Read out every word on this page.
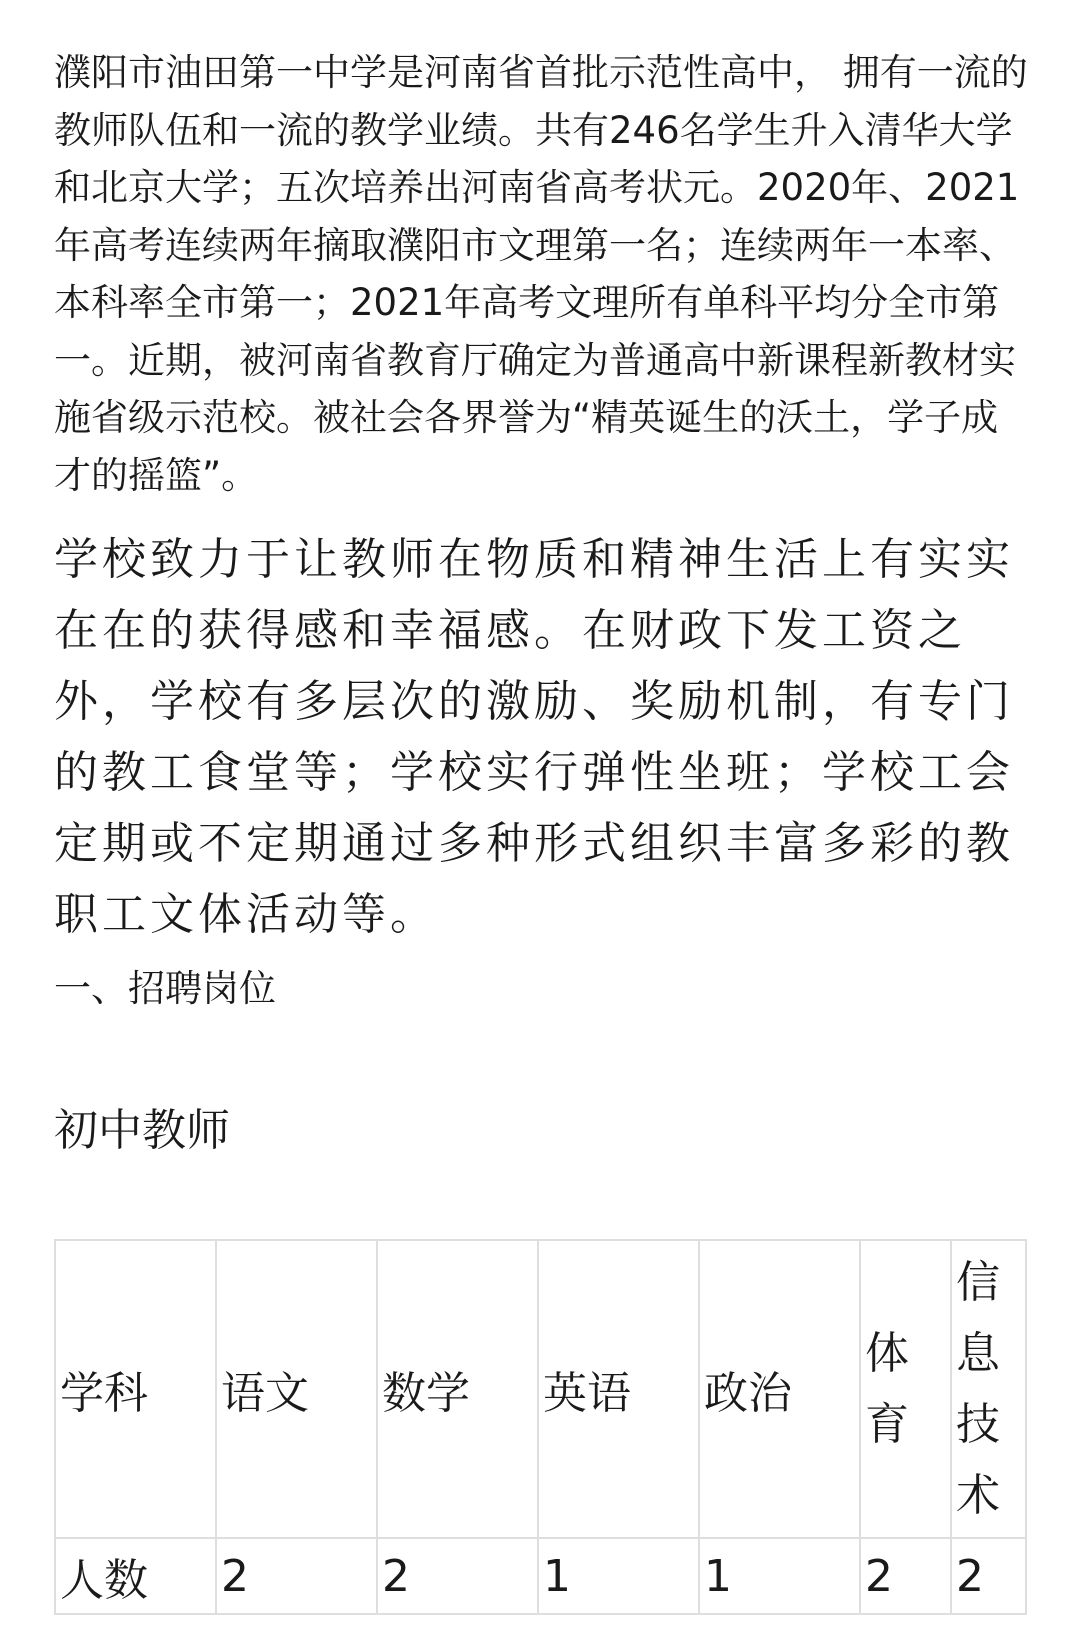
濮阳市油田第一中学是河南省首批示范性高中， 拥有一流的教师队伍和一流的教学业绩。共有246名学生升入清华大学和北京大学；五次培养出河南省高考状元。2020年、2021年高考连续两年摘取濮阳市文理第一名；连续两年一本率、本科率全市第一；2021年高考文理所有单科平均分全市第一。近期，被河南省教育厅确定为普通高中新课程新教材实施省级示范校。被社会各界誉为“精英诞生的沃土，学子成才的摇篮”。

学校致力于让教师在物质和精神生活上有实实在在的获得感和幸福感。在财政下发工资之外，学校有多层次的激励、奖励机制，有专门的教工食堂等；学校实行弹性坐班；学校工会定期或不定期通过多种形式组织丰富多彩的教职工文体活动等。

一、招聘岗位

初中教师

学科	语文	数学	英语	政治	体育	信息技术

人数	2	2	1	1	2	2
